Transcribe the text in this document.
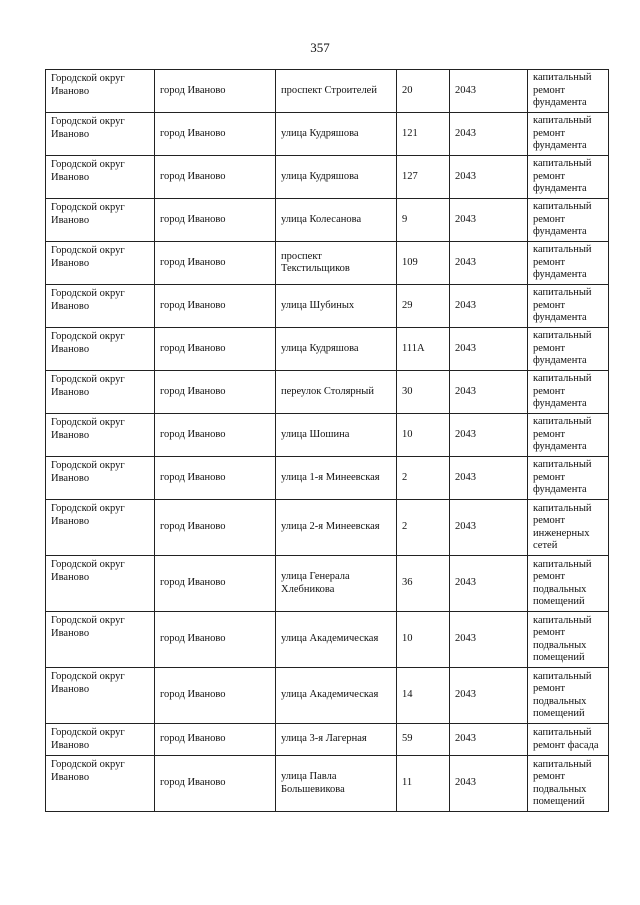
357
Городской округ Иваново	город Иваново	проспект Строителей	20	2043	капитальный ремонт фундамента
Городской округ Иваново	город Иваново	улица Кудряшова	121	2043	капитальный ремонт фундамента
Городской округ Иваново	город Иваново	улица Кудряшова	127	2043	капитальный ремонт фундамента
Городской округ Иваново	город Иваново	улица Колесанова	9	2043	капитальный ремонт фундамента
Городской округ Иваново	город Иваново	проспект Текстильщиков	109	2043	капитальный ремонт фундамента
Городской округ Иваново	город Иваново	улица Шубиных	29	2043	капитальный ремонт фундамента
Городской округ Иваново	город Иваново	улица Кудряшова	111А	2043	капитальный ремонт фундамента
Городской округ Иваново	город Иваново	переулок Столярный	30	2043	капитальный ремонт фундамента
Городской округ Иваново	город Иваново	улица Шошина	10	2043	капитальный ремонт фундамента
Городской округ Иваново	город Иваново	улица 1-я Минеевская	2	2043	капитальный ремонт фундамента
Городской округ Иваново	город Иваново	улица 2-я Минеевская	2	2043	капитальный ремонт инженерных сетей
Городской округ Иваново	город Иваново	улица Генерала Хлебникова	36	2043	капитальный ремонт подвальных помещений
Городской округ Иваново	город Иваново	улица Академическая	10	2043	капитальный ремонт подвальных помещений
Городской округ Иваново	город Иваново	улица Академическая	14	2043	капитальный ремонт подвальных помещений
Городской округ Иваново	город Иваново	улица 3-я Лагерная	59	2043	капитальный ремонт фасада
Городской округ Иваново	город Иваново	улица Павла Большевикова	11	2043	капитальный ремонт подвальных помещений
